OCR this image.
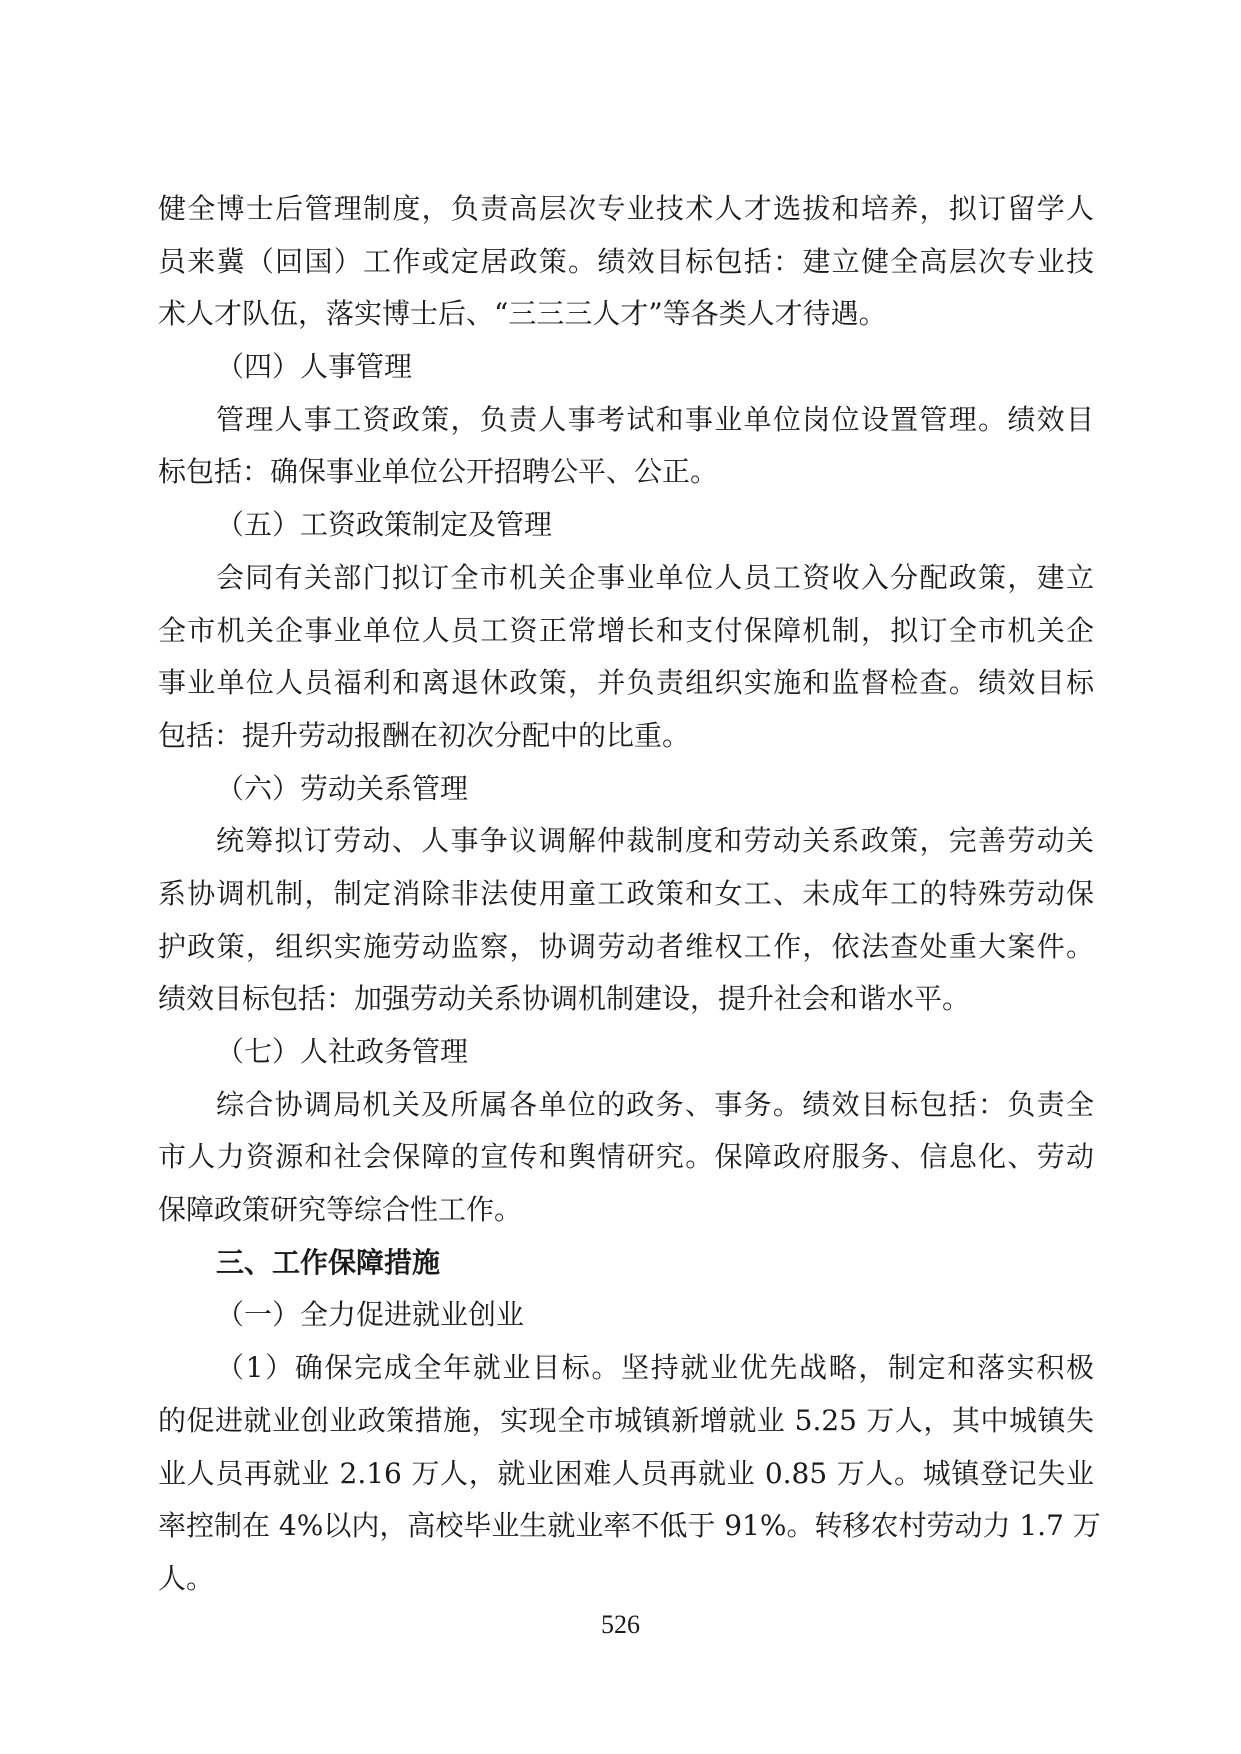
健全博士后管理制度，负责高层次专业技术人才选拔和培养，拟订留学人
员来冀（回国）工作或定居政策。绩效目标包括：建立健全高层次专业技
术人才队伍，落实博士后、“三三三人才”等各类人才待遇。
（四）人事管理
管理人事工资政策，负责人事考试和事业单位岗位设置管理。绩效目
标包括：确保事业单位公开招聘公平、公正。
（五）工资政策制定及管理
会同有关部门拟订全市机关企事业单位人员工资收入分配政策，建立
全市机关企事业单位人员工资正常增长和支付保障机制，拟订全市机关企
事业单位人员福利和离退休政策，并负责组织实施和监督检查。绩效目标
包括：提升劳动报酬在初次分配中的比重。
（六）劳动关系管理
统筹拟订劳动、人事争议调解仲裁制度和劳动关系政策，完善劳动关
系协调机制，制定消除非法使用童工政策和女工、未成年工的特殊劳动保
护政策，组织实施劳动监察，协调劳动者维权工作，依法查处重大案件。
绩效目标包括：加强劳动关系协调机制建设，提升社会和谐水平。
（七）人社政务管理
综合协调局机关及所属各单位的政务、事务。绩效目标包括：负责全
市人力资源和社会保障的宣传和舆情研究。保障政府服务、信息化、劳动
保障政策研究等综合性工作。
三、工作保障措施
（一）全力促进就业创业
（1）确保完成全年就业目标。坚持就业优先战略，制定和落实积极
的促进就业创业政策措施，实现全市城镇新增就业 5.25 万人，其中城镇失
业人员再就业 2.16 万人，就业困难人员再就业 0.85 万人。城镇登记失业
率控制在 4%以内，高校毕业生就业率不低于 91%。转移农村劳动力 1.7 万
人。
526
